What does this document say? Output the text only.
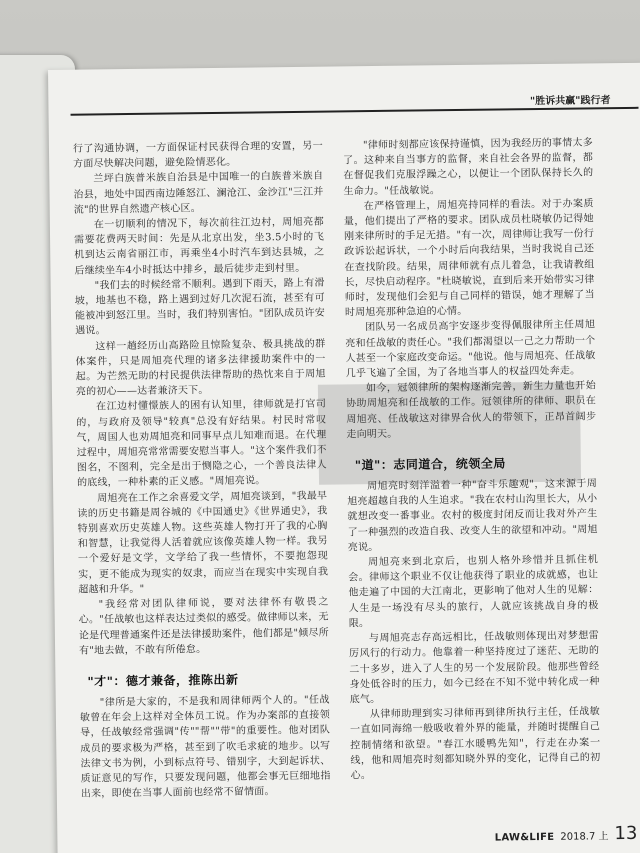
"胜诉共赢"践行者

行了沟通协调，一方面保证村民获得合理的安置，另一方面尽快解决问题，避免险情恶化。

兰坪白族普米族自治县是中国唯一的白族普米族自治县，地处中国西南边陲怒江、澜沧江、金沙江"三江并流"的世界自然遗产核心区。

在一切顺利的情况下，每次前往江边村，周旭亮都需要花费两天时间：先是从北京出发，坐3.5小时的飞机到达云南省丽江市，再乘坐4小时汽车到达县城，之后继续坐车4小时抵达中排乡，最后徒步走到村里。

"我们去的时候经常不顺利。遇到下雨天，路上有滑坡，地基也不稳，路上遇到过好几次泥石流，甚至有可能被冲到怒江里。当时，我们特别害怕。"团队成员许安遇说。

这样一趟经历山高路险且惊险复杂、极具挑战的群体案件，只是周旭亮代理的诸多法律援助案件中的一起。为芒然无助的村民提供法律帮助的热忱来自于周旭亮的初心——达者兼济天下。

在江边村懂憬族人的困有认知里，律师就是打官司的，与政府及领导"较真"总没有好结果。村民时常叹气，周国人也劝周旭亮和同事早点儿知难而退。在代理过程中，周旭亮常常需要安慰当事人。"这个案件我们不图名，不图利，完全是出于恻隐之心，一个善良法律人的底线，一种朴素的正义感。"周旭亮说。

周旭亮在工作之余喜爱文学，周旭亮谈到，"我最早读的历史书籍是周谷城的《中国通史》《世界通史》，我特别喜欢历史英雄人物。这些英雄人物打开了我的心胸和智慧，让我觉得人活着就应该像英雄人物一样。我另一个爱好是文学，文学给了我一些情怀，不要抱怨现实，更不能成为现实的奴隶，而应当在现实中实现自我超越和升华。"

"我经常对团队律师说，要对法律怀有敬畏之心。"任战敏也这样表达过类似的感受。做律师以来，无论是代理普通案件还是法律援助案件，他们都是"倾尽所有"地去做，不敢有所倦怠。

"才"：德才兼备，推陈出新

"律所是大家的，不是我和周律师两个人的。"任战敏曾在年会上这样对全体员工说。作为办案部的直接领导，任战敏经常强调"传""帮""带"的重要性。他对团队成员的要求极为严格，甚至到了吹毛求疵的地步。以写法律文书为例，小到标点符号、错别字，大到起诉状、质证意见的写作，只要发现问题，他都会事无巨细地指出来，即使在当事人面前也经常不留情面。

"律师时刻都应该保持谨慎，因为我经历的事情太多了。这种来自当事方的监督，来自社会各界的监督，都在督促我们克服浮躁之心，以便让一个团队保持长久的生命力。"任战敏说。

在严格管理上，周旭亮持同样的看法。对于办案质量，他们提出了严格的要求。团队成员杜晓敏仍记得她刚来律所时的手足无措。"有一次，周律师让我写一份行政诉讼起诉状，一个小时后向我结果，当时我说自己还在查找阶段。结果，周律师就有点儿着急，让我请教组长，尽快启动程序。"杜晓敏说，直到后来开始带实习律师时，发现他们会犯与自己同样的错误，她才理解了当时周旭亮那种急迫的心情。

团队另一名成员高宇安逐步变得佩服律所主任周旭亮和任战敏的责任心。"我们都渴望以一己之力帮助一个人甚至一个家庭改变命运。"他说。他与周旭亮、任战敏几乎飞遍了全国，为了各地当事人的权益四处奔走。

如今，冠领律所的架构逐渐完善，新生力量也开始协助周旭亮和任战敏的工作。冠领律所的律师、职员在周旭亮、任战敏这对律界合伙人的带领下，正昂首阔步走向明天。

"道"：志同道合，统领全局

周旭亮时刻洋溢着一种"奋斗乐趣观"，这来源于周旭亮超越自我的人生追求。"我在农村山沟里长大，从小就想改变一番事业。农村的极度封闭反而让我对外产生了一种强烈的改造自我、改变人生的欲望和冲动。"周旭亮说。

周旭亮来到北京后，也别人格外珍惜并且抓住机会。律师这个职业不仅让他获得了职业的成就感，也让他走遍了中国的大江南北，更影响了他对人生的见解：人生是一场没有尽头的旅行，人就应该挑战自身的极限。

与周旭亮志存高远相比，任战敏则体现出对梦想雷厉风行的行动力。他靠着一种坚持度过了迷茫、无助的二十多岁，进入了人生的另一个发展阶段。他那些曾经身处低谷时的压力，如今已经在不知不觉中转化成一种底气。

从律师助理到实习律师再到律所执行主任，任战敏一直如同海绵一般吸收着外界的能量，并随时提醒自己控制情绪和欲望。"春江水暖鸭先知"，行走在办案一线，他和周旭亮时刻都知晓外界的变化，记得自己的初心。

LAW&LIFE 2018.7 上 13
